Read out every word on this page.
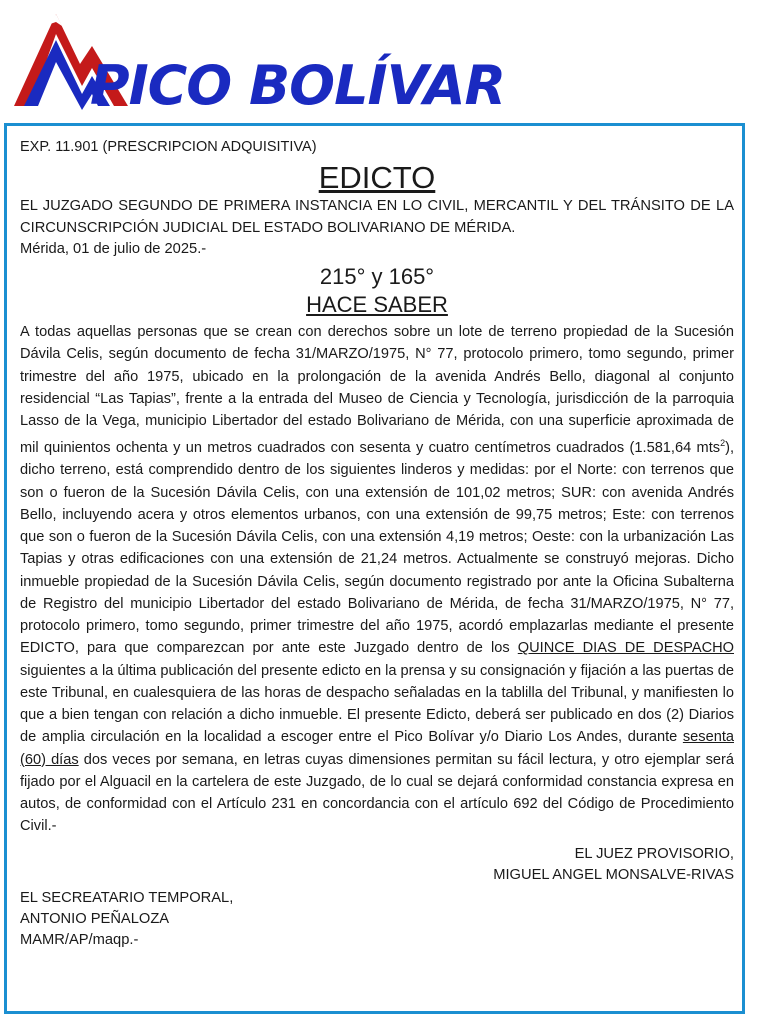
PICO BOLÍVAR

EXP. 11.901 (PRESCRIPCION ADQUISITIVA)

EDICTO

EL JUZGADO SEGUNDO DE PRIMERA INSTANCIA EN LO CIVIL, MERCANTIL Y DEL TRÁNSITO DE LA CIRCUNSCRIPCIÓN JUDICIAL DEL ESTADO BOLIVARIANO DE MÉRIDA.

Mérida, 01 de julio de 2025.-

215° y 165°

HACE SABER

A todas aquellas personas que se crean con derechos sobre un lote de terreno propiedad de la Sucesión Dávila Celis, según documento de fecha 31/MARZO/1975, N° 77, protocolo primero, tomo segundo, primer trimestre del año 1975, ubicado en la prolongación de la avenida Andrés Bello, diagonal al conjunto residencial “Las Tapias”, frente a la entrada del Museo de Ciencia y Tecnología, jurisdicción de la parroquia Lasso de la Vega, municipio Libertador del estado Bolivariano de Mérida, con una superficie aproximada de mil quinientos ochenta y un metros cuadrados con sesenta y cuatro centímetros cuadrados (1.581,64 mts$^2$), dicho terreno, está comprendido dentro de los siguientes linderos y medidas: por el Norte: con terrenos que son o fueron de la Sucesión Dávila Celis, con una extensión de 101,02 metros; SUR: con avenida Andrés Bello, incluyendo acera y otros elementos urbanos, con una extensión de 99,75 metros; Este: con terrenos que son o fueron de la Sucesión Dávila Celis, con una extensión 4,19 metros; Oeste: con la urbanización Las Tapias y otras edificaciones con una extensión de 21,24 metros. Actualmente se construyó mejoras. Dicho inmueble propiedad de la Sucesión Dávila Celis, según documento registrado por ante la Oficina Subalterna de Registro del municipio Libertador del estado Bolivariano de Mérida, de fecha 31/MARZO/1975, N° 77, protocolo primero, tomo segundo, primer trimestre del año 1975, acordó emplazarlas mediante el presente EDICTO, para que comparezcan por ante este Juzgado dentro de los QUINCE DIAS DE DESPACHO siguientes a la última publicación del presente edicto en la prensa y su consignación y fijación a las puertas de este Tribunal, en cualesquiera de las horas de despacho señaladas en la tablilla del Tribunal, y manifiesten lo que a bien tengan con relación a dicho inmueble. El presente Edicto, deberá ser publicado en dos (2) Diarios de amplia circulación en la localidad a escoger entre el Pico Bolívar y/o Diario Los Andes, durante sesenta (60) días dos veces por semana, en letras cuyas dimensiones permitan su fácil lectura, y otro ejemplar será fijado por el Alguacil en la cartelera de este Juzgado, de lo cual se dejará conformidad constancia expresa en autos, de conformidad con el Artículo 231 en concordancia con el artículo 692 del Código de Procedimiento Civil.-

EL JUEZ PROVISORIO,
MIGUEL ANGEL MONSALVE-RIVAS
EL SECREATARIO TEMPORAL,
ANTONIO PEÑALOZA
MAMR/AP/maqp.-
